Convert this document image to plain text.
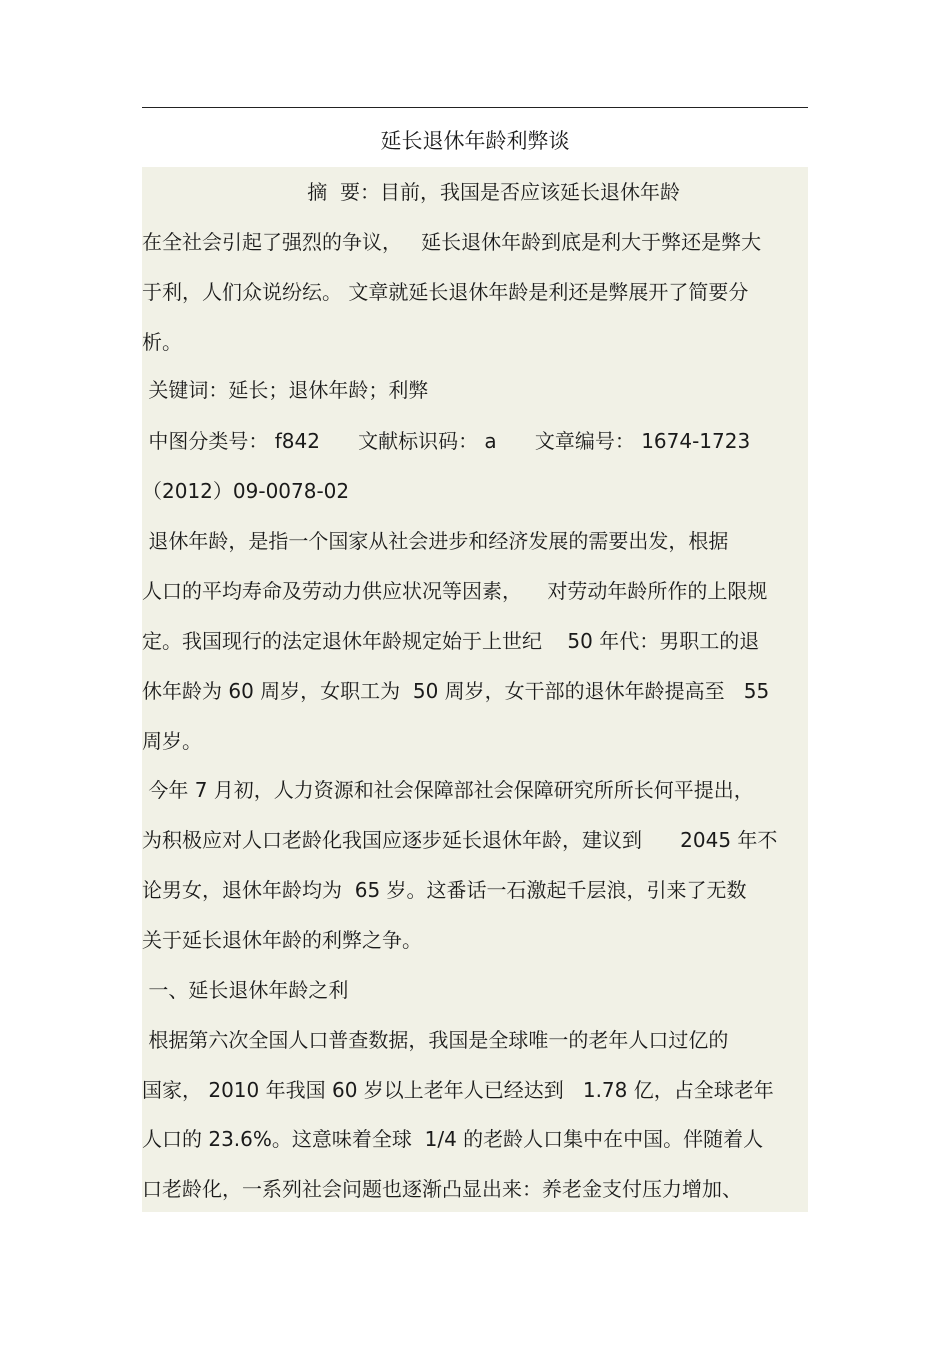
延长退休年龄利弊谈
摘  要：目前，我国是否应该延长退休年龄
在全社会引起了强烈的争议，   延长退休年龄到底是利大于弊还是弊大
于利，人们众说纷纭。 文章就延长退休年龄是利还是弊展开了简要分
析。
关键词：延长；退休年龄；利弊
中图分类号： f842      文献标识码： a      文章编号： 1674-1723
（2012）09-0078-02
退休年龄，是指一个国家从社会进步和经济发展的需要出发，根据
人口的平均寿命及劳动力供应状况等因素，    对劳动年龄所作的上限规
定。我国现行的法定退休年龄规定始于上世纪    50 年代：男职工的退
休年龄为 60 周岁，女职工为  50 周岁，女干部的退休年龄提高至   55
周岁。
今年 7 月初，人力资源和社会保障部社会保障研究所所长何平提出，
为积极应对人口老龄化我国应逐步延长退休年龄，建议到      2045 年不
论男女，退休年龄均为  65 岁。这番话一石激起千层浪，引来了无数
关于延长退休年龄的利弊之争。
一、延长退休年龄之利
根据第六次全国人口普查数据，我国是全球唯一的老年人口过亿的
国家， 2010 年我国 60 岁以上老年人已经达到   1.78 亿，占全球老年
人口的 23.6%。这意味着全球  1/4 的老龄人口集中在中国。伴随着人
口老龄化，一系列社会问题也逐渐凸显出来：养老金支付压力增加、
